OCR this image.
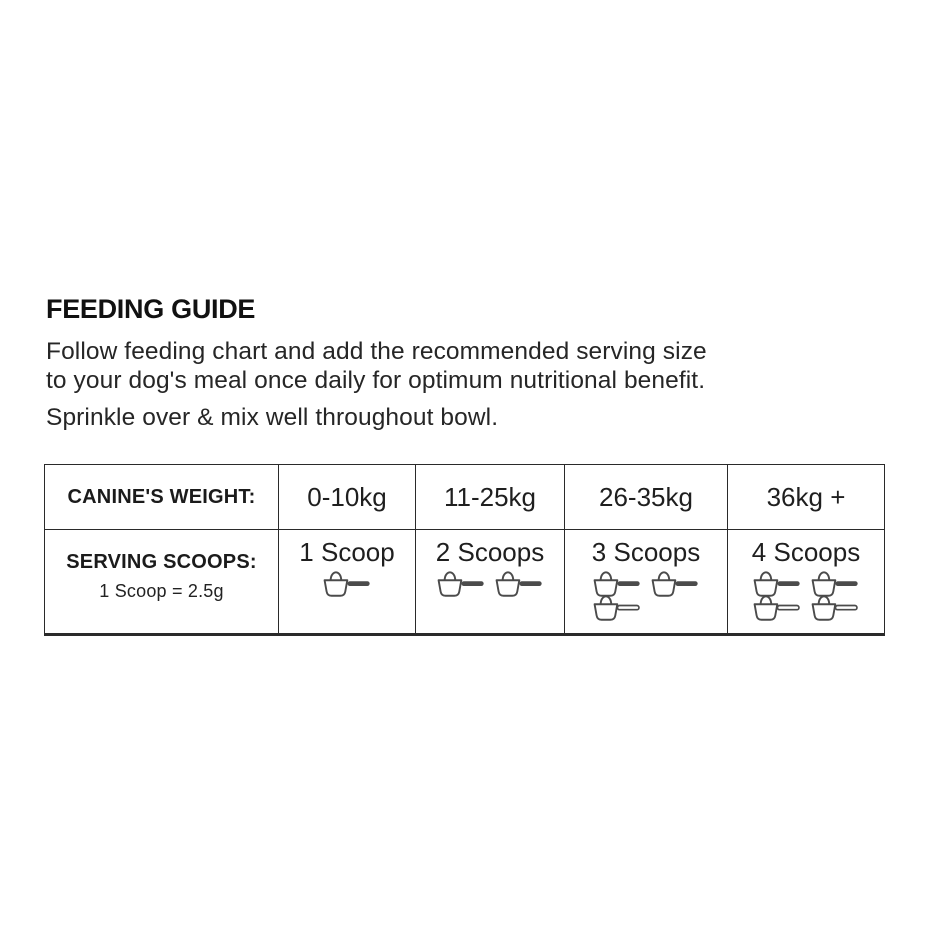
FEEDING GUIDE
Follow feeding chart and add the recommended serving size
to your dog's meal once daily for optimum nutritional benefit.
Sprinkle over & mix well throughout bowl.
CANINE'S WEIGHT: 0-10kg 11-25kg 26-35kg	36kg +
SERVING SCOOPS:
1 Scoop = 2.5g
1 Scoop 2 Scoops 3 Scoops 4 Scoops
